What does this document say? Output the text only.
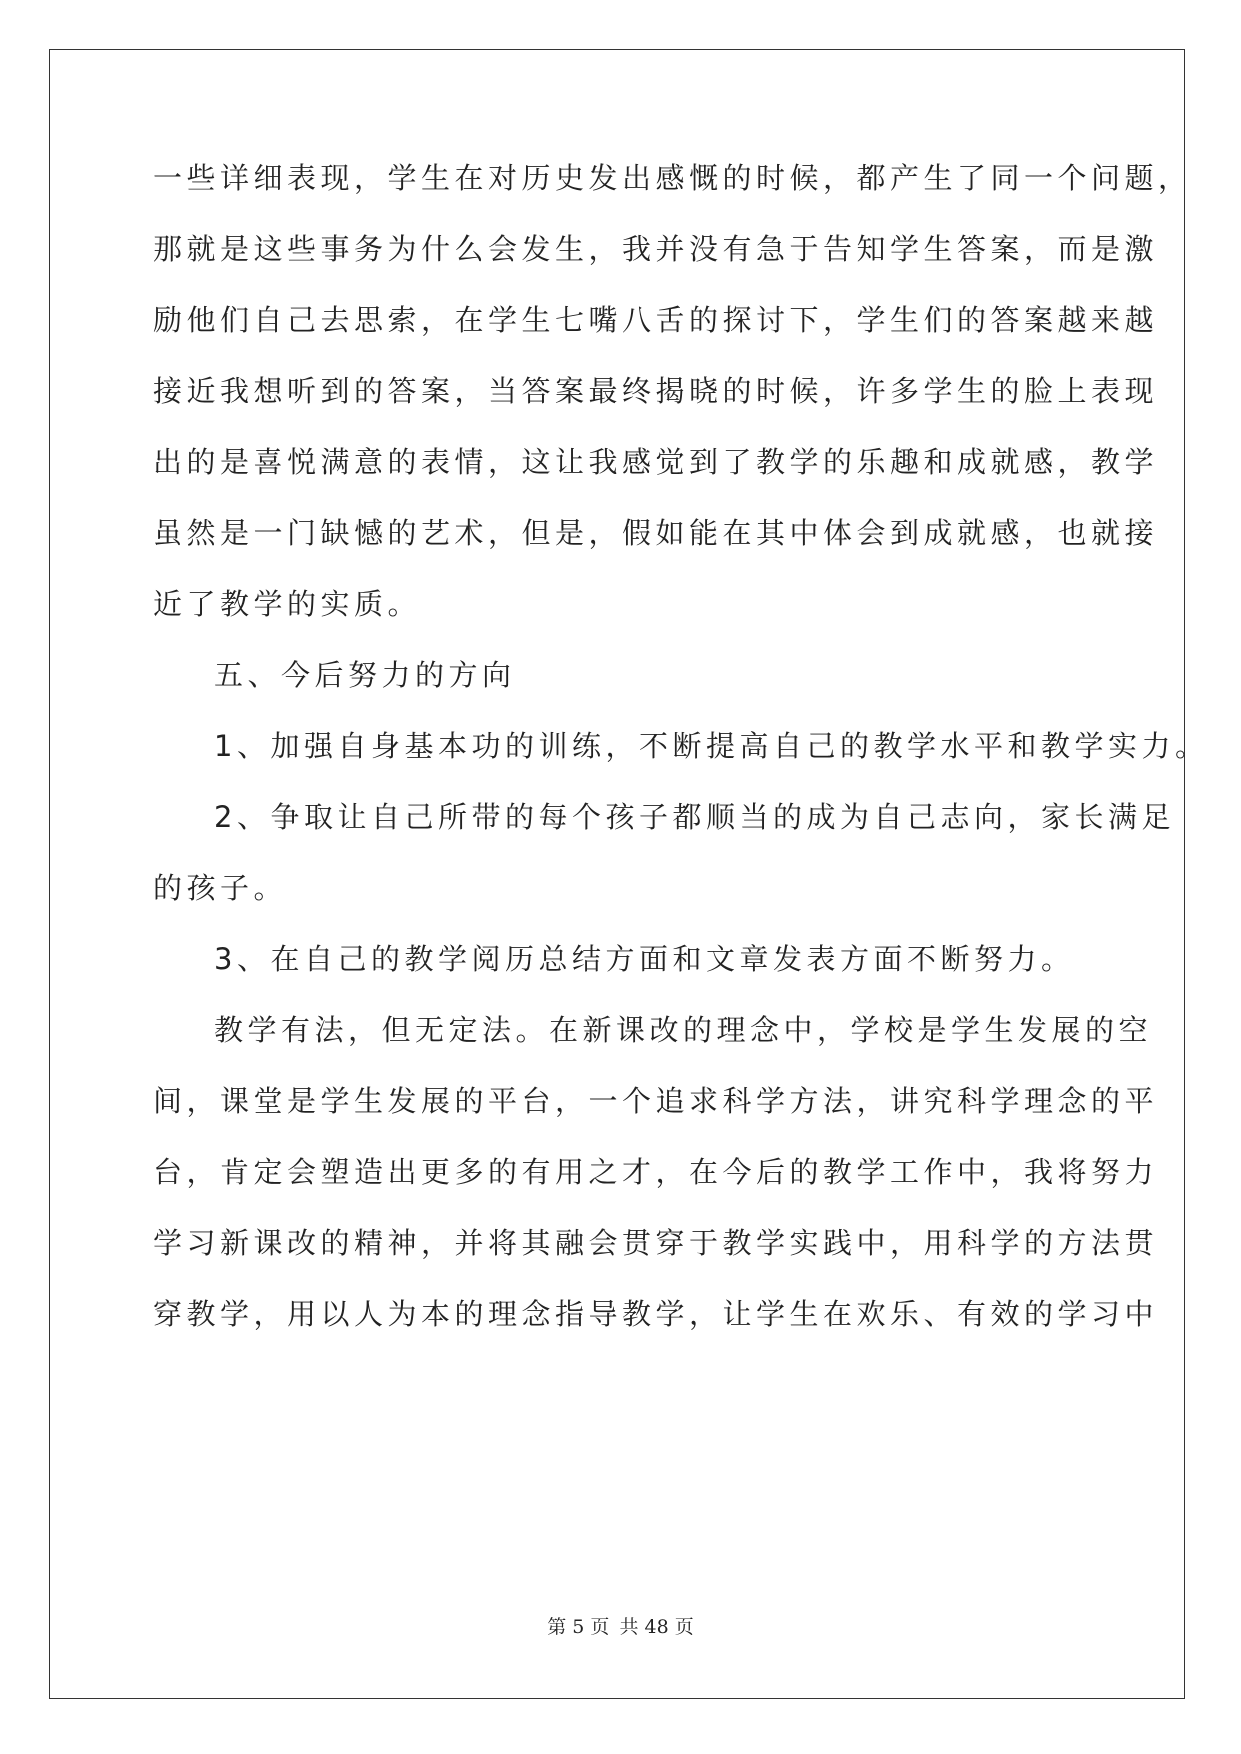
一些详细表现，学生在对历史发出感慨的时候，都产生了同一个问题，
那就是这些事务为什么会发生，我并没有急于告知学生答案，而是激
励他们自己去思索，在学生七嘴八舌的探讨下，学生们的答案越来越
接近我想听到的答案，当答案最终揭晓的时候，许多学生的脸上表现
出的是喜悦满意的表情，这让我感觉到了教学的乐趣和成就感，教学
虽然是一门缺憾的艺术，但是，假如能在其中体会到成就感，也就接
近了教学的实质。
五、今后努力的方向
1、加强自身基本功的训练，不断提高自己的教学水平和教学实力。
2、争取让自己所带的每个孩子都顺当的成为自己志向，家长满足
的孩子。
3、在自己的教学阅历总结方面和文章发表方面不断努力。
教学有法，但无定法。在新课改的理念中，学校是学生发展的空
间，课堂是学生发展的平台，一个追求科学方法，讲究科学理念的平
台，肯定会塑造出更多的有用之才，在今后的教学工作中，我将努力
学习新课改的精神，并将其融会贯穿于教学实践中，用科学的方法贯
穿教学，用以人为本的理念指导教学，让学生在欢乐、有效的学习中
第 5 页 共 48 页
